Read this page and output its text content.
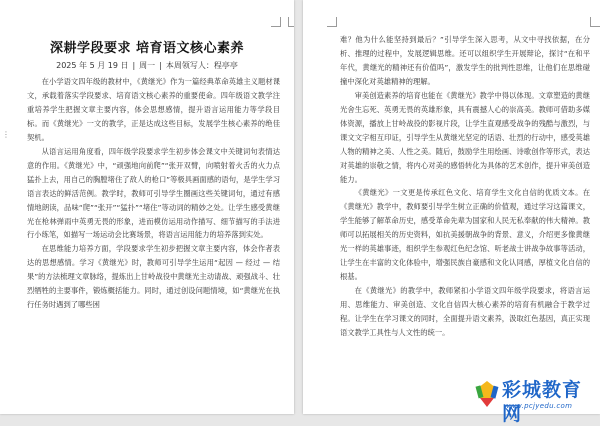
⋮
深耕学段要求 培育语文核心素养
2025 年 5 月 19 日 | 周一 | 本周领写人：程亭亭

在小学语文四年级的教材中，《黄继光》作为一篇经典革命英雄主义题材课文，承载着落实学段要求、培育语文核心素养的重要使命。四年级语文教学注重培养学生把握文章主要内容，体会思想感情，提升语言运用能力等学段目标。而《黄继光》一文的教学，正是达成这些目标，发展学生核心素养的绝佳契机。

从语言运用角度看，四年级学段要求学生初步体会课文中关键词句表情达意的作用。《黄继光》中，“顽强地向前爬”“张开双臂，向喷射着火舌的火力点猛扑上去，用自己的胸膛堵住了敌人的枪口”等极具画面感的语句，是学生学习语言表达的鲜活范例。教学时，教师可引导学生圈画这些关键词句，通过有感情地朗读，品味“爬”“张开”“猛扑”“堵住”等动词的精妙之处。让学生感受黄继光在枪林弹雨中英勇无畏的形象，进而模仿运用动作描写、细节描写的手法进行小练笔，如描写一场运动会比赛场景，将语言运用能力的培养落到实处。

在思维能力培养方面，学段要求学生初步把握文章主要内容，体会作者表达的思想感情。学习《黄继光》时，教师可引导学生运用“起因 — 经过 — 结果”的方法梳理文章脉络，提炼出上甘岭战役中黄继光主动请战、顽强战斗、壮烈牺牲的主要事件，锻炼概括能力。同时，通过创设问题情境，如“黄继光在执行任务时遇到了哪些困

难？他为什么能坚持到最后？”引导学生深入思考，从文中寻找依据，在分析、推理的过程中，发展逻辑思维。还可以组织学生开展辩论，探讨“在和平年代，黄继光的精神还有价值吗”，激发学生的批判性思维，让他们在思维碰撞中深化对英雄精神的理解。

审美创造素养的培育也能在《黄继光》教学中得以体现。文章塑造的黄继光舍生忘死、英勇无畏的英雄形象，具有震撼人心的崇高美。教师可借助多媒体资源，播放上甘岭战役的影视片段，让学生直观感受战争的残酷与激烈，与课文文字相互印证，引导学生从黄继光坚定的话语、壮烈的行动中，感受英雄人物的精神之美、人性之美。随后，鼓励学生用绘画、诗歌创作等形式，表达对英雄的崇敬之情，将内心对美的感悟转化为具体的艺术创作，提升审美创造能力。

《黄继光》一文更是传承红色文化、培育学生文化自信的优质文本。在《黄继光》教学中，教师要引导学生树立正确的价值观，通过学习这篇课文，学生能够了解革命历史，感受革命先辈为国家和人民无私奉献的伟大精神。教师可以拓展相关的历史资料，如抗美援朝战争的背景、意义，介绍更多像黄继光一样的英雄事迹，组织学生参观红色纪念馆、听老战士讲战争故事等活动，让学生在丰富的文化体验中，增强民族自豪感和文化认同感，厚植文化自信的根基。

在《黄继光》的教学中，教师紧扣小学语文四年级学段要求，将语言运用、思维能力、审美创造、文化自信四大核心素养的培育有机融合于教学过程。让学生在学习课文的同时，全面提升语文素养，汲取红色基因，真正实现语文教学工具性与人文性的统一。

彩城教育网
www.pcjyedu.com
